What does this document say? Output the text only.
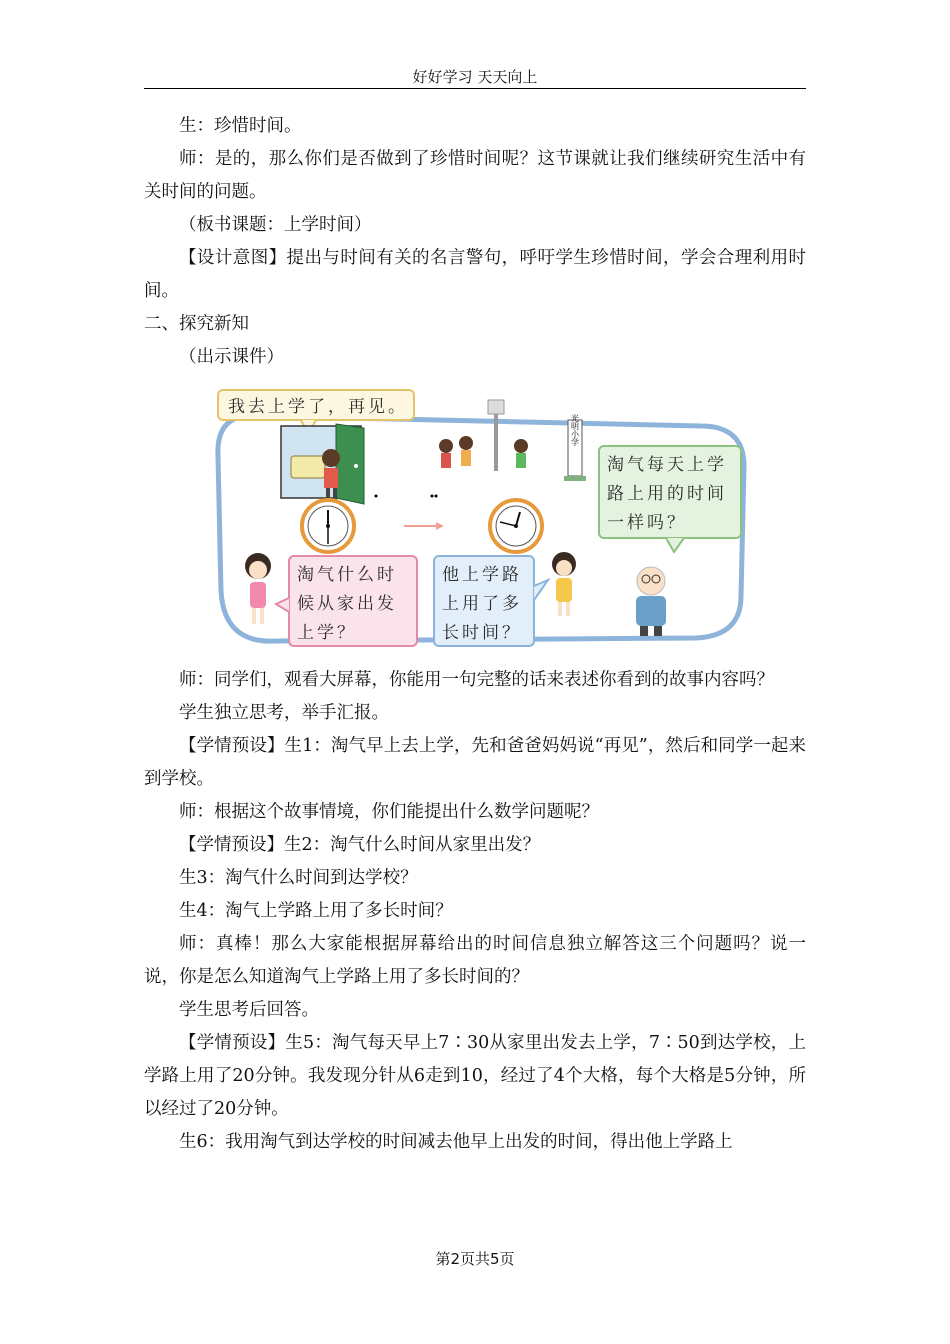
好好学习 天天向上

生：珍惜时间。

师：是的，那么你们是否做到了珍惜时间呢？这节课就让我们继续研究生活中有关时间的问题。

（板书课题：上学时间）

【设计意图】提出与时间有关的名言警句，呼吁学生珍惜时间，学会合理利用时间。

二、探究新知

（出示课件）

我去上学了，再见。
光明小学
淘气每天上学
路上用的时间
一样吗？
淘气什么时
候从家出发
上学？
他上学路
上用了多
长时间？

师：同学们，观看大屏幕，你能用一句完整的话来表述你看到的故事内容吗？

学生独立思考，举手汇报。

【学情预设】生1：淘气早上去上学，先和爸爸妈妈说“再见”，然后和同学一起来到学校。

师：根据这个故事情境，你们能提出什么数学问题呢？

【学情预设】生2：淘气什么时间从家里出发？

生3：淘气什么时间到达学校？

生4：淘气上学路上用了多长时间？

师：真棒！那么大家能根据屏幕给出的时间信息独立解答这三个问题吗？说一说，你是怎么知道淘气上学路上用了多长时间的？

学生思考后回答。

【学情预设】生5：淘气每天早上7∶30从家里出发去上学，7∶50到达学校，上学路上用了20分钟。我发现分针从6走到10，经过了4个大格，每个大格是5分钟，所以经过了20分钟。

生6：我用淘气到达学校的时间减去他早上出发的时间，得出他上学路上

第2页共5页
